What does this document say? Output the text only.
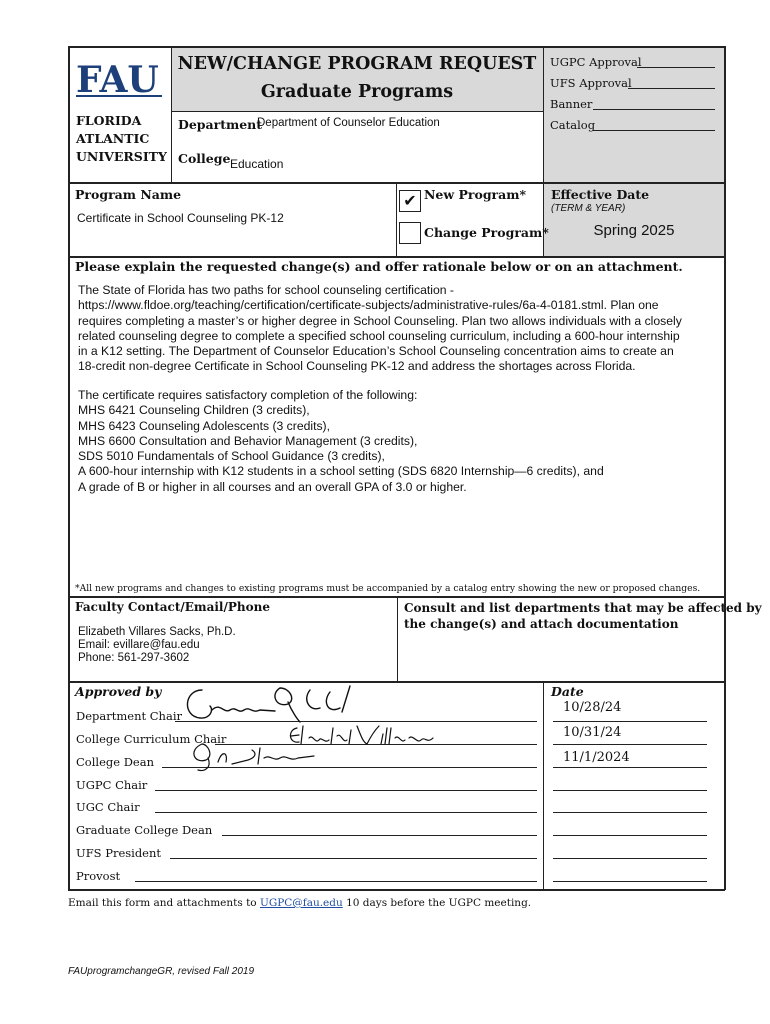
FAU
FLORIDA
ATLANTIC
UNIVERSITY
NEW/CHANGE PROGRAM REQUEST
Graduate Programs
Department
Department of Counselor Education
College Education
UGPC Approval
UFS Approval
Banner
Catalog
Program Name
Certificate in School Counseling PK-12
✔ New Program*
Change Program*
Effective Date
(TERM & YEAR)
Spring 2025
Please explain the requested change(s) and offer rationale below or on an attachment.
The State of Florida has two paths for school counseling certification -
https://www.fldoe.org/teaching/certification/certificate-subjects/administrative-rules/6a-4-0181.stml. Plan one
requires completing a master’s or higher degree in School Counseling. Plan two allows individuals with a closely
related counseling degree to complete a specified school counseling curriculum, including a 600-hour internship
in a K12 setting. The Department of Counselor Education’s School Counseling concentration aims to create an
18-credit non-degree Certificate in School Counseling PK-12 and address the shortages across Florida.
The certificate requires satisfactory completion of the following:
MHS 6421 Counseling Children (3 credits),
MHS 6423 Counseling Adolescents (3 credits),
MHS 6600 Consultation and Behavior Management (3 credits),
SDS 5010 Fundamentals of School Guidance (3 credits),
A 600-hour internship with K12 students in a school setting (SDS 6820 Internship—6 credits), and
A grade of B or higher in all courses and an overall GPA of 3.0 or higher.
*All new programs and changes to existing programs must be accompanied by a catalog entry showing the new or proposed changes.
Faculty Contact/Email/Phone
Elizabeth Villares Sacks, Ph.D.
Email: evillare@fau.edu
Phone: 561-297-3602
Consult and list departments that may be affected by
the change(s) and attach documentation
Approved by	Date
Department Chair
College Curriculum Chair
College Dean
UGPC Chair
UGC Chair
Graduate College Dean
UFS President
Provost
10/28/24
10/31/24
11/1/2024
Email this form and attachments to UGPC@fau.edu 10 days before the UGPC meeting.
FAUprogramchangeGR, revised Fall 2019
